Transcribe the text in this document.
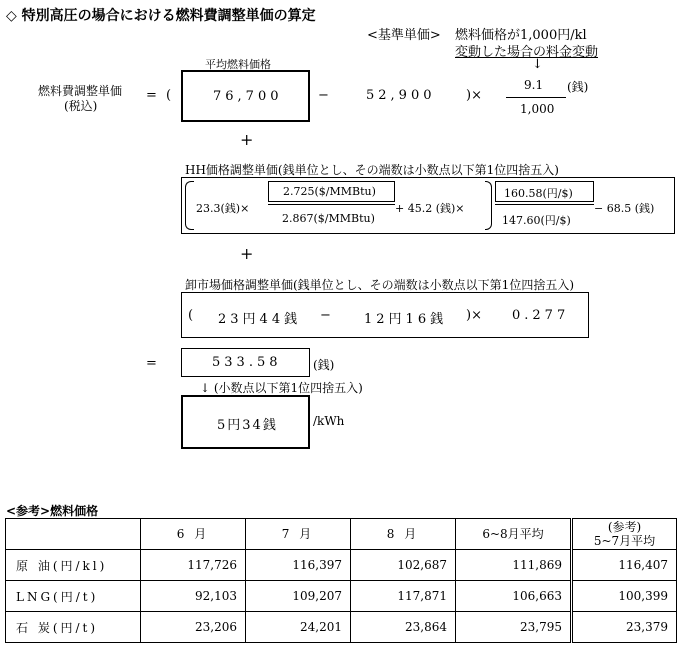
◇ 特別高圧の場合における燃料費調整単価の算定
<基準単価> 燃料価格が1,000円/kl
変動した場合の料金変動
↓
燃料費調整単価
(税込)
= (
平均燃料価格
76,700	−	52,900 )×
9.1
1,000
(銭)
+
HH価格調整単価(銭単位とし、その端数は小数点以下第1位四捨五入)
23.3(銭)×
2.725($/MMBtu)
2.867($/MMBtu)
+ 45.2 (銭)×
160.58(円/$)
147.60(円/$)
− 68.5 (銭)
+
卸市場価格調整単価(銭単位とし、その端数は小数点以下第1位四捨五入)
( 23円44銭 −	12円16銭 )× 0.277
=	533.58	(銭)
↓ (小数点以下第1位四捨五入)
5円34銭	/kWh
<参考>燃料価格
	6 月	7 月	8 月	6~8月平均	(参考)
5~7月平均

原 油(円/kl)	117,726	116,397	102,687	111,869	116,407
LNG(円/t)	92,103	109,207	117,871	106,663	100,399
石 炭(円/t)	23,206	24,201	23,864	23,795	23,379
